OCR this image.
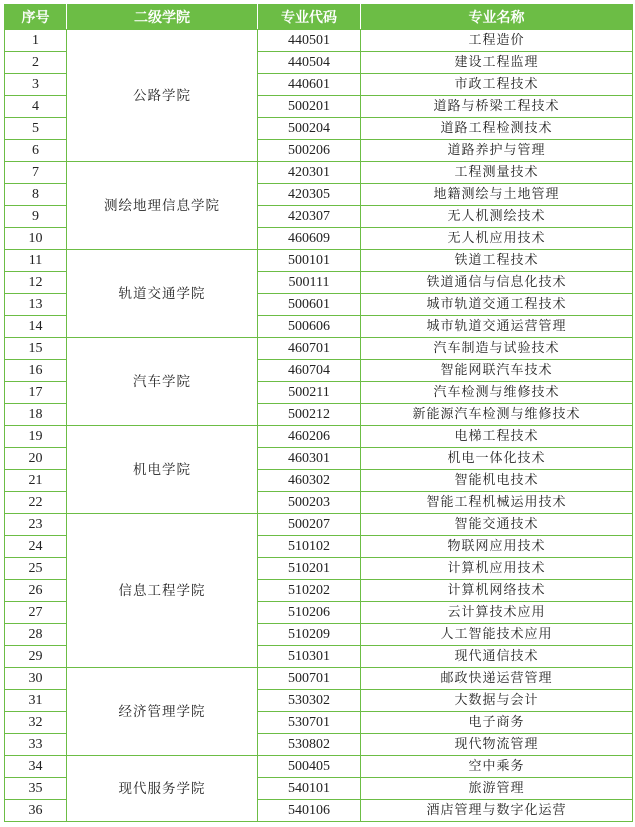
序号	二级学院	专业代码	专业名称
1	公路学院	440501	工程造价
2		440504	建设工程监理
3		440601	市政工程技术
4		500201	道路与桥梁工程技术
5		500204	道路工程检测技术
6		500206	道路养护与管理
7	测绘地理信息学院	420301	工程测量技术
8		420305	地籍测绘与土地管理
9		420307	无人机测绘技术
10		460609	无人机应用技术
11	轨道交通学院	500101	铁道工程技术
12		500111	铁道通信与信息化技术
13		500601	城市轨道交通工程技术
14		500606	城市轨道交通运营管理
15	汽车学院	460701	汽车制造与试验技术
16		460704	智能网联汽车技术
17		500211	汽车检测与维修技术
18		500212	新能源汽车检测与维修技术
19	机电学院	460206	电梯工程技术
20		460301	机电一体化技术
21		460302	智能机电技术
22		500203	智能工程机械运用技术
23	信息工程学院	500207	智能交通技术
24		510102	物联网应用技术
25		510201	计算机应用技术
26		510202	计算机网络技术
27		510206	云计算技术应用
28		510209	人工智能技术应用
29		510301	现代通信技术
30	经济管理学院	500701	邮政快递运营管理
31		530302	大数据与会计
32		530701	电子商务
33		530802	现代物流管理
34	现代服务学院	500405	空中乘务
35		540101	旅游管理
36		540106	酒店管理与数字化运营
